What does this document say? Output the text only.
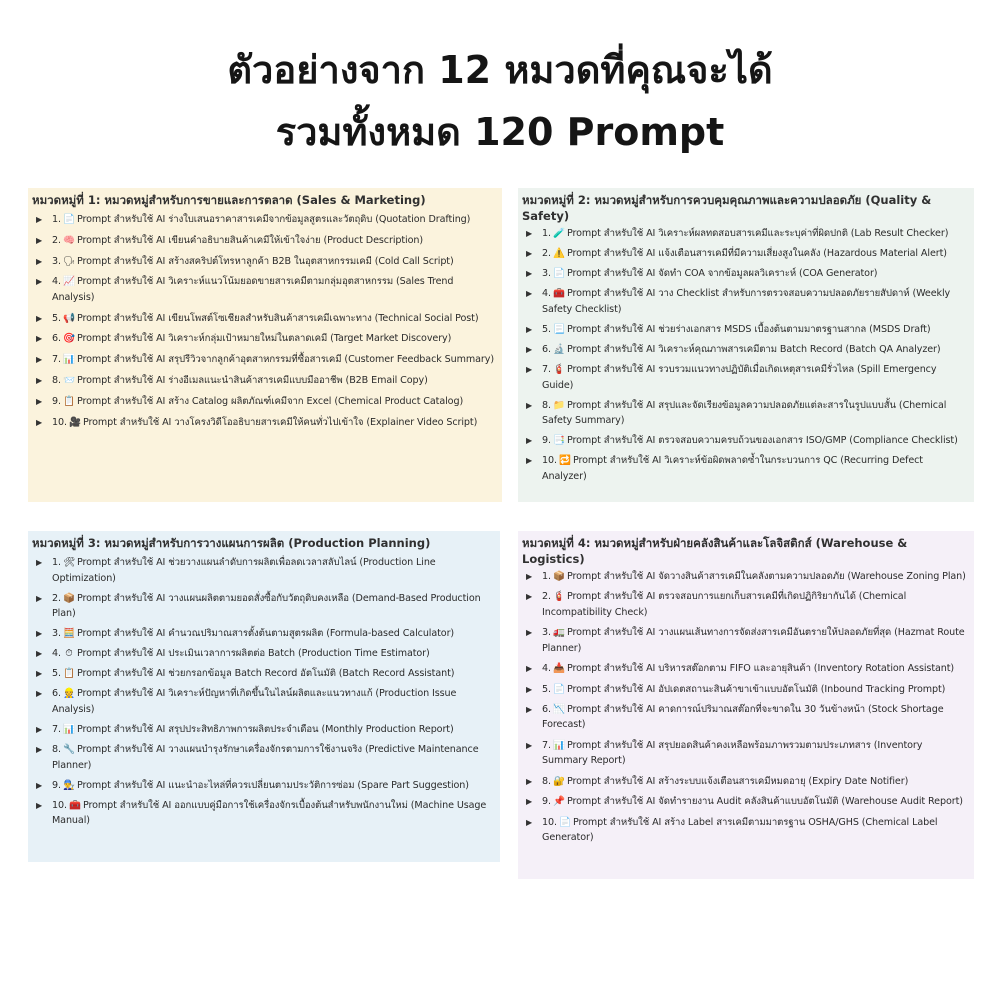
ตัวอย่างจาก 12 หมวดที่คุณจะได้
รวมทั้งหมด 120 Prompt
หมวดหมู่ที่ 1: หมวดหมู่สำหรับการขายและการตลาด (Sales & Marketing)
▶ 1. 📄 Prompt สำหรับใช้ AI ร่างใบเสนอราคาสารเคมีจากข้อมูลสูตรและวัตถุดิบ (Quotation Drafting)
▶ 2. 🧠 Prompt สำหรับใช้ AI เขียนคำอธิบายสินค้าเคมีให้เข้าใจง่าย (Product Description)
▶ 3. 🗣 Prompt สำหรับใช้ AI สร้างสคริปต์โทรหาลูกค้า B2B ในอุตสาหกรรมเคมี (Cold Call Script)
▶ 4. 📈 Prompt สำหรับใช้ AI วิเคราะห์แนวโน้มยอดขายสารเคมีตามกลุ่มอุตสาหกรรม (Sales Trend Analysis)
▶ 5. 📢 Prompt สำหรับใช้ AI เขียนโพสต์โซเชียลสำหรับสินค้าสารเคมีเฉพาะทาง (Technical Social Post)
▶ 6. 🎯 Prompt สำหรับใช้ AI วิเคราะห์กลุ่มเป้าหมายใหม่ในตลาดเคมี (Target Market Discovery)
▶ 7. 📊 Prompt สำหรับใช้ AI สรุปรีวิวจากลูกค้าอุตสาหกรรมที่ซื้อสารเคมี (Customer Feedback Summary)
▶ 8. 📨 Prompt สำหรับใช้ AI ร่างอีเมลแนะนำสินค้าสารเคมีแบบมืออาชีพ (B2B Email Copy)
▶ 9. 📋 Prompt สำหรับใช้ AI สร้าง Catalog ผลิตภัณฑ์เคมีจาก Excel (Chemical Product Catalog)
▶ 10. 🎥 Prompt สำหรับใช้ AI วางโครงวิดีโออธิบายสารเคมีให้คนทั่วไปเข้าใจ (Explainer Video Script)
หมวดหมู่ที่ 2: หมวดหมู่สำหรับการควบคุมคุณภาพและความปลอดภัย (Quality & Safety)
▶ 1. 🧪 Prompt สำหรับใช้ AI วิเคราะห์ผลทดสอบสารเคมีและระบุค่าที่ผิดปกติ (Lab Result Checker)
▶ 2. ⚠️ Prompt สำหรับใช้ AI แจ้งเตือนสารเคมีที่มีความเสี่ยงสูงในคลัง (Hazardous Material Alert)
▶ 3. 📄 Prompt สำหรับใช้ AI จัดทำ COA จากข้อมูลผลวิเคราะห์ (COA Generator)
▶ 4. 🧰 Prompt สำหรับใช้ AI วาง Checklist สำหรับการตรวจสอบความปลอดภัยรายสัปดาห์ (Weekly Safety Checklist)
▶ 5. 📃 Prompt สำหรับใช้ AI ช่วยร่างเอกสาร MSDS เบื้องต้นตามมาตรฐานสากล (MSDS Draft)
▶ 6. 🔬 Prompt สำหรับใช้ AI วิเคราะห์คุณภาพสารเคมีตาม Batch Record (Batch QA Analyzer)
▶ 7. 🧯 Prompt สำหรับใช้ AI รวบรวมแนวทางปฏิบัติเมื่อเกิดเหตุสารเคมีรั่วไหล (Spill Emergency Guide)
▶ 8. 📁 Prompt สำหรับใช้ AI สรุปและจัดเรียงข้อมูลความปลอดภัยแต่ละสารในรูปแบบสั้น (Chemical Safety Summary)
▶ 9. 📑 Prompt สำหรับใช้ AI ตรวจสอบความครบถ้วนของเอกสาร ISO/GMP (Compliance Checklist)
▶ 10. 🔁 Prompt สำหรับใช้ AI วิเคราะห์ข้อผิดพลาดซ้ำในกระบวนการ QC (Recurring Defect Analyzer)
หมวดหมู่ที่ 3: หมวดหมู่สำหรับการวางแผนการผลิต (Production Planning)
▶ 1. 🛠 Prompt สำหรับใช้ AI ช่วยวางแผนลำดับการผลิตเพื่อลดเวลาสลับไลน์ (Production Line Optimization)
▶ 2. 📦 Prompt สำหรับใช้ AI วางแผนผลิตตามยอดสั่งซื้อกับวัตถุดิบคงเหลือ (Demand-Based Production Plan)
▶ 3. 🧮 Prompt สำหรับใช้ AI คำนวณปริมาณสารตั้งต้นตามสูตรผลิต (Formula-based Calculator)
▶ 4. ⏱ Prompt สำหรับใช้ AI ประเมินเวลาการผลิตต่อ Batch (Production Time Estimator)
▶ 5. 📋 Prompt สำหรับใช้ AI ช่วยกรอกข้อมูล Batch Record อัตโนมัติ (Batch Record Assistant)
▶ 6. 👷 Prompt สำหรับใช้ AI วิเคราะห์ปัญหาที่เกิดขึ้นในไลน์ผลิตและแนวทางแก้ (Production Issue Analysis)
▶ 7. 📊 Prompt สำหรับใช้ AI สรุปประสิทธิภาพการผลิตประจำเดือน (Monthly Production Report)
▶ 8. 🔧 Prompt สำหรับใช้ AI วางแผนบำรุงรักษาเครื่องจักรตามการใช้งานจริง (Predictive Maintenance Planner)
▶ 9. 👨‍🔧 Prompt สำหรับใช้ AI แนะนำอะไหล่ที่ควรเปลี่ยนตามประวัติการซ่อม (Spare Part Suggestion)
▶ 10. 🧰 Prompt สำหรับใช้ AI ออกแบบคู่มือการใช้เครื่องจักรเบื้องต้นสำหรับพนักงานใหม่ (Machine Usage Manual)
หมวดหมู่ที่ 4: หมวดหมู่สำหรับฝ่ายคลังสินค้าและโลจิสติกส์ (Warehouse & Logistics)
▶ 1. 📦 Prompt สำหรับใช้ AI จัดวางสินค้าสารเคมีในคลังตามความปลอดภัย (Warehouse Zoning Plan)
▶ 2. 🧯 Prompt สำหรับใช้ AI ตรวจสอบการแยกเก็บสารเคมีที่เกิดปฏิกิริยากันได้ (Chemical Incompatibility Check)
▶ 3. 🚛 Prompt สำหรับใช้ AI วางแผนเส้นทางการจัดส่งสารเคมีอันตรายให้ปลอดภัยที่สุด (Hazmat Route Planner)
▶ 4. 📥 Prompt สำหรับใช้ AI บริหารสต๊อกตาม FIFO และอายุสินค้า (Inventory Rotation Assistant)
▶ 5. 📄 Prompt สำหรับใช้ AI อัปเดตสถานะสินค้าขาเข้าแบบอัตโนมัติ (Inbound Tracking Prompt)
▶ 6. 📉 Prompt สำหรับใช้ AI คาดการณ์ปริมาณสต๊อกที่จะขาดใน 30 วันข้างหน้า (Stock Shortage Forecast)
▶ 7. 📊 Prompt สำหรับใช้ AI สรุปยอดสินค้าคงเหลือพร้อมภาพรวมตามประเภทสาร (Inventory Summary Report)
▶ 8. 🔐 Prompt สำหรับใช้ AI สร้างระบบแจ้งเตือนสารเคมีหมดอายุ (Expiry Date Notifier)
▶ 9. 📌 Prompt สำหรับใช้ AI จัดทำรายงาน Audit คลังสินค้าแบบอัตโนมัติ (Warehouse Audit Report)
▶ 10. 📄 Prompt สำหรับใช้ AI สร้าง Label สารเคมีตามมาตรฐาน OSHA/GHS (Chemical Label Generator)
